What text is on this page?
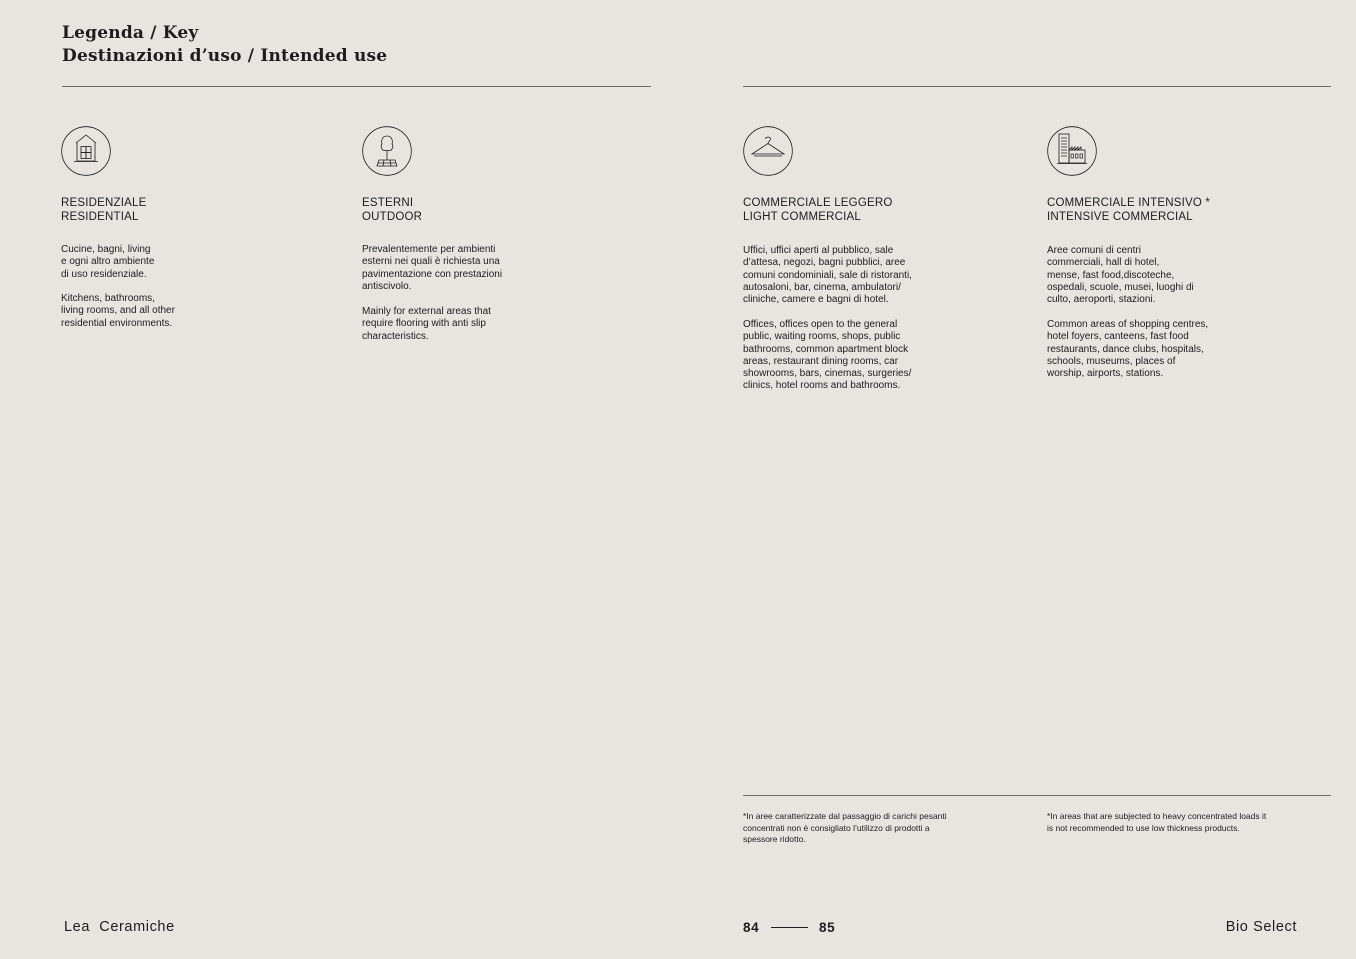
Legenda / Key
Destinazioni d’uso / Intended use
RESIDENZIALE
RESIDENTIAL

Cucine, bagni, living
e ogni altro ambiente
di uso residenziale.

Kitchens, bathrooms,
living rooms, and all other
residential environments.

ESTERNI
OUTDOOR

Prevalentemente per ambienti
esterni nei quali è richiesta una
pavimentazione con prestazioni
antiscivolo.

Mainly for external areas that
require flooring with anti slip
characteristics.

COMMERCIALE LEGGERO
LIGHT COMMERCIAL

Uffici, uffici aperti al pubblico, sale
d’attesa, negozi, bagni pubblici, aree
comuni condominiali, sale di ristoranti,
autosaloni, bar, cinema, ambulatori/
cliniche, camere e bagni di hotel.

Offices, offices open to the general
public, waiting rooms, shops, public
bathrooms, common apartment block
areas, restaurant dining rooms, car
showrooms, bars, cinemas, surgeries/
clinics, hotel rooms and bathrooms.

COMMERCIALE INTENSIVO *
INTENSIVE COMMERCIAL

Aree comuni di centri
commerciali, hall di hotel,
mense, fast food,discoteche,
ospedali, scuole, musei, luoghi di
culto, aeroporti, stazioni.

Common areas of shopping centres,
hotel foyers, canteens, fast food
restaurants, dance clubs, hospitals,
schools, museums, places of
worship, airports, stations.

*In aree caratterizzate dal passaggio di carichi pesanti
concentrati non è consigliato l’utilizzo di prodotti a
spessore ridotto.

*In areas that are subjected to heavy concentrated loads it
is not recommended to use low thickness products.

Lea  Ceramiche	84	85	Bio Select
